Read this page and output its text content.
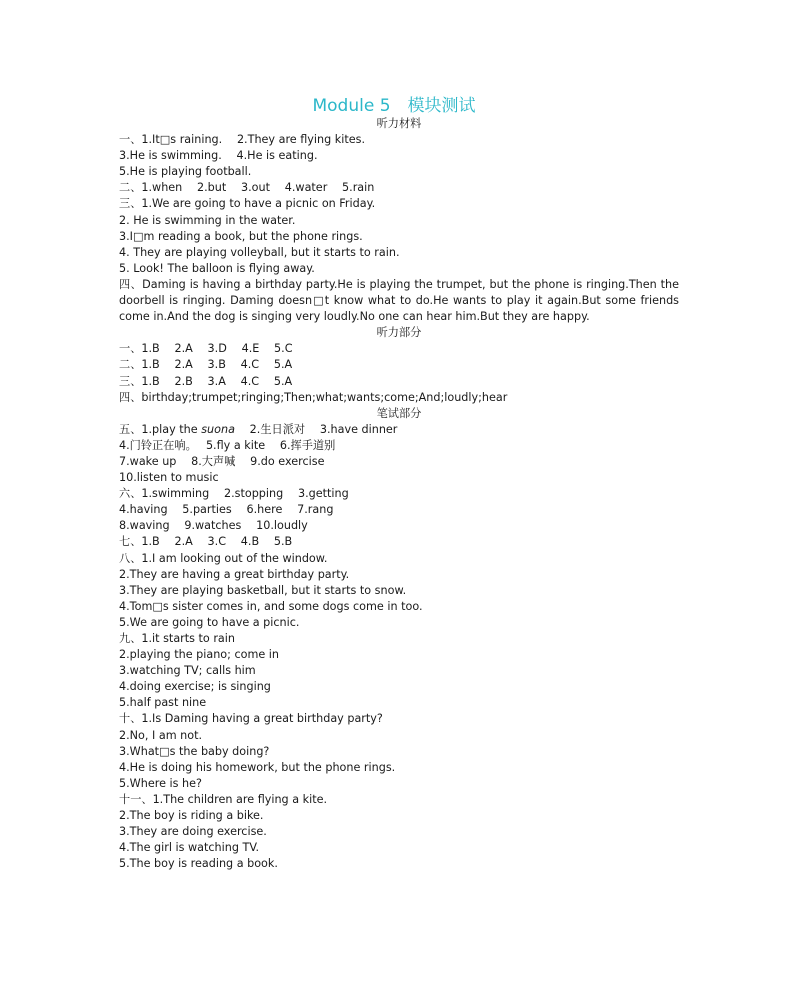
Module 5　模块测试
听力材料
一、1.It□s raining.　 2.They are flying kites.
3.He is swimming.　 4.He is eating.
5.He is playing football.
二、1.when　 2.but　 3.out　 4.water　 5.rain
三、1.We are going to have a picnic on Friday.
2. He is swimming in the water.
3.I□m reading a book, but the phone rings.
4. They are playing volleyball, but it starts to rain.
5. Look! The balloon is flying away.
四、Daming is having a birthday party.He is playing the trumpet, but the phone is ringing.Then the doorbell is ringing. Daming doesn□t know what to do.He wants to play it again.But some friends come in.And the dog is singing very loudly.No one can hear him.But they are happy.
听力部分
一、1.B　 2.A　 3.D　 4.E　 5.C
二、1.B　 2.A　 3.B　 4.C　 5.A
三、1.B　 2.B　 3.A　 4.C　 5.A
四、birthday;trumpet;ringing;Then;what;wants;come;And;loudly;hear
笔试部分
五、1.play the suona　 2.生日派对　 3.have dinner
4.门铃正在响。　 5.fly a kite　 6.挥手道别
7.wake up　 8.大声喊　 9.do exercise
10.listen to music
六、1.swimming　 2.stopping　 3.getting
4.having　 5.parties　 6.here　 7.rang
8.waving　 9.watches　 10.loudly
七、1.B　 2.A　 3.C　 4.B　 5.B
八、1.I am looking out of the window.
2.They are having a great birthday party.
3.They are playing basketball, but it starts to snow.
4.Tom□s sister comes in, and some dogs come in too.
5.We are going to have a picnic.
九、1.it starts to rain
2.playing the piano; come in
3.watching TV; calls him
4.doing exercise; is singing
5.half past nine
十、1.Is Daming having a great birthday party?
2.No, I am not.
3.What□s the baby doing?
4.He is doing his homework, but the phone rings.
5.Where is he?
十一、1.The children are flying a kite.
2.The boy is riding a bike.
3.They are doing exercise.
4.The girl is watching TV.
5.The boy is reading a book.
